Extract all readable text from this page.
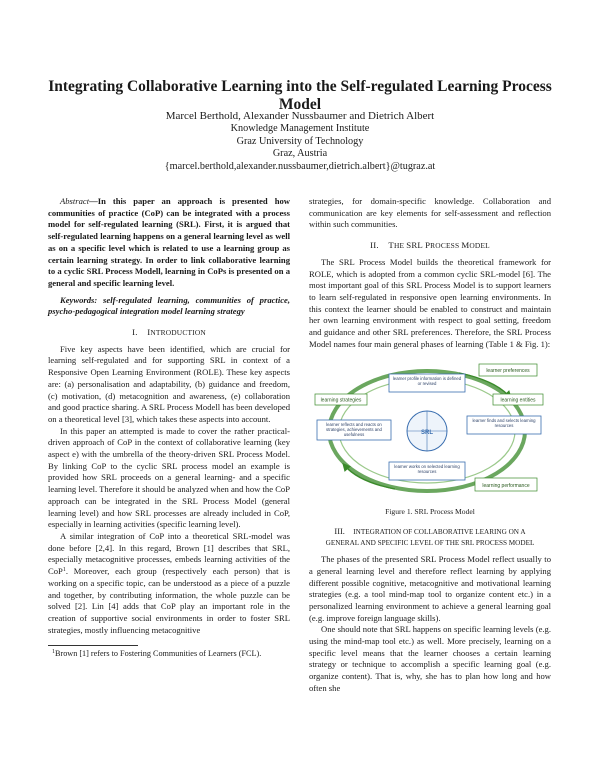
Integrating Collaborative Learning into the Self-regulated Learning Process Model
Marcel Berthold, Alexander Nussbaumer and Dietrich Albert
Knowledge Management Institute
Graz University of Technology
Graz, Austria
{marcel.berthold,alexander.nussbaumer,dietrich.albert}@tugraz.at
Abstract—In this paper an approach is presented how communities of practice (CoP) can be integrated with a process model for self-regulated learning (SRL). First, it is argued that self-regulated learning happens on a general learning level as well as on a specific level which is related to use a learning group as certain learning strategy. In order to link collaborative learning to a cyclic SRL Process Modell, learning in CoPs is presented on a general and specific learning level.
Keywords: self-regulated learning, communities of practice, psycho-pedagogical integration model learning strategy
I. INTRODUCTION

Five key aspects have been identified, which are crucial for learning self-regulated and for supporting SRL in context of a Responsive Open Learning Environment (ROLE). These key aspects are: (a) personalisation and adaptability, (b) guidance and freedom, (c) motivation, (d) metacognition and awareness, (e) collaboration and good practice sharing. A SRL Process Modell has been developed on a theoretical level [3], which takes these aspects into account.

In this paper an attempted is made to cover the rather practical-driven approach of CoP in the context of collaborative learning (key aspect e) with the umbrella of the theory-driven SRL Process Model. By linking CoP to the cyclic SRL process model an example is provided how SRL proceeds on a general learning- and a specific learning level. Therefore it should be analyzed when and how the CoP approach can be integrated in the SRL Process Model (general learning level) and how SRL processes are already included in CoP, especially in learning activities (specific learning level).

A similar integration of CoP into a theoretical SRL-model was done before [2,4]. In this regard, Brown [1] describes that SRL, especially metacognitive processes, embeds learning activities of the CoP$^1$. Moreover, each group (respectively each person) that is working on a specific topic, can be understood as a piece of a puzzle and together, by contributing information, the whole puzzle can be solved [2]. Lin [4] adds that CoP play an important role in the creation of supportive social environments in order to foster SRL strategies, mostly influencing metacognitive

$^1$Brown [1] refers to Fostering Communities of Learners (FCL).

strategies, for domain-specific knowledge. Collaboration and communication are key elements for self-assessment and reflection within such communities.

II. THE SRL PROCESS MODEL

The SRL Process Model builds the theoretical framework for ROLE, which is adopted from a common cyclic SRL-model [6]. The most important goal of this SRL Process Model is to support learners to learn self-regulated in responsive open learning environments. In this context the learner should be enabled to construct and maintain her own learning environment with respect to goal setting, freedom and guidance and other SRL preferences. Therefore, the SRL Process Model names four main general phases of learning (Table 1 & Fig. 1):

SRL
learner profile information is defined or revised
learner finds and selects learning resources
learner works on selected learning resources
learner reflects and reacts on strategies, achievements and usefulness
learner preferences
learning entities
learning performance
learning strategies
Figure 1. SRL Process Model
III. INTEGRATION OF COLLABORATIVE LEARING ON A
GENERAL AND SPECIFIC LEVEL OF THE SRL PROCESS MODEL

The phases of the presented SRL Process Model reflect usually to a general learning level and therefore reflect learning by applying different possible cognitive, metacognitive and motivational learning strategies (e.g. a tool mind-map tool to organize content etc.) in a personalized learning environment to achieve a general learning goal (e.g. improve foreign language skills).

One should note that SRL happens on specific learning levels (e.g. using the mind-map tool etc.) as well. More precisely, learning on a specific level means that the learner chooses a certain learning strategy or technique to accomplish a specific learning goal (e.g. organize content). That is, why, she has to plan how long and how often she
